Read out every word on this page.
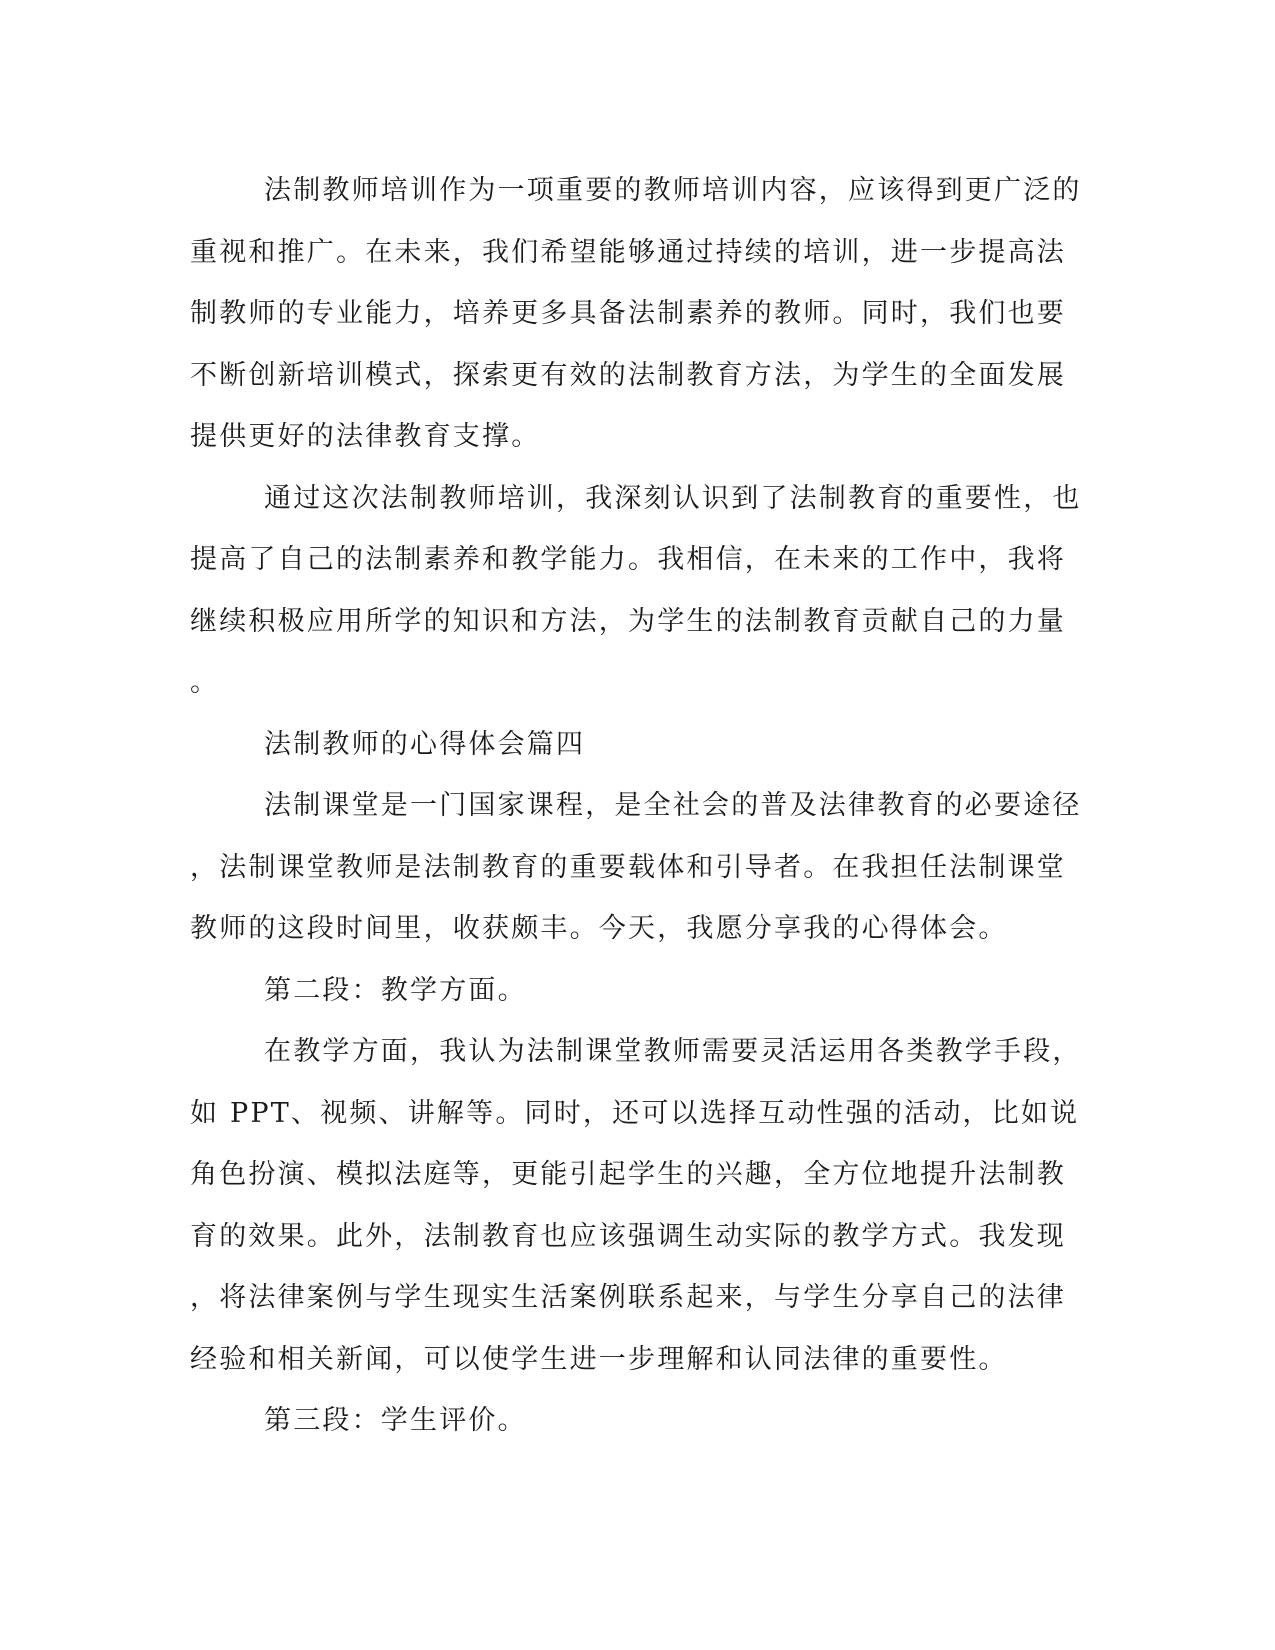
法制教师培训作为一项重要的教师培训内容，应该得到更广泛的
重视和推广。在未来，我们希望能够通过持续的培训，进一步提高法
制教师的专业能力，培养更多具备法制素养的教师。同时，我们也要
不断创新培训模式，探索更有效的法制教育方法，为学生的全面发展
提供更好的法律教育支撑。
通过这次法制教师培训，我深刻认识到了法制教育的重要性，也
提高了自己的法制素养和教学能力。我相信，在未来的工作中，我将
继续积极应用所学的知识和方法，为学生的法制教育贡献自己的力量
。
法制教师的心得体会篇四
法制课堂是一门国家课程，是全社会的普及法律教育的必要途径
，法制课堂教师是法制教育的重要载体和引导者。在我担任法制课堂
教师的这段时间里，收获颇丰。今天，我愿分享我的心得体会。
第二段：教学方面。
在教学方面，我认为法制课堂教师需要灵活运用各类教学手段，
如 PPT、视频、讲解等。同时，还可以选择互动性强的活动，比如说
角色扮演、模拟法庭等，更能引起学生的兴趣，全方位地提升法制教
育的效果。此外，法制教育也应该强调生动实际的教学方式。我发现
，将法律案例与学生现实生活案例联系起来，与学生分享自己的法律
经验和相关新闻，可以使学生进一步理解和认同法律的重要性。
第三段：学生评价。
